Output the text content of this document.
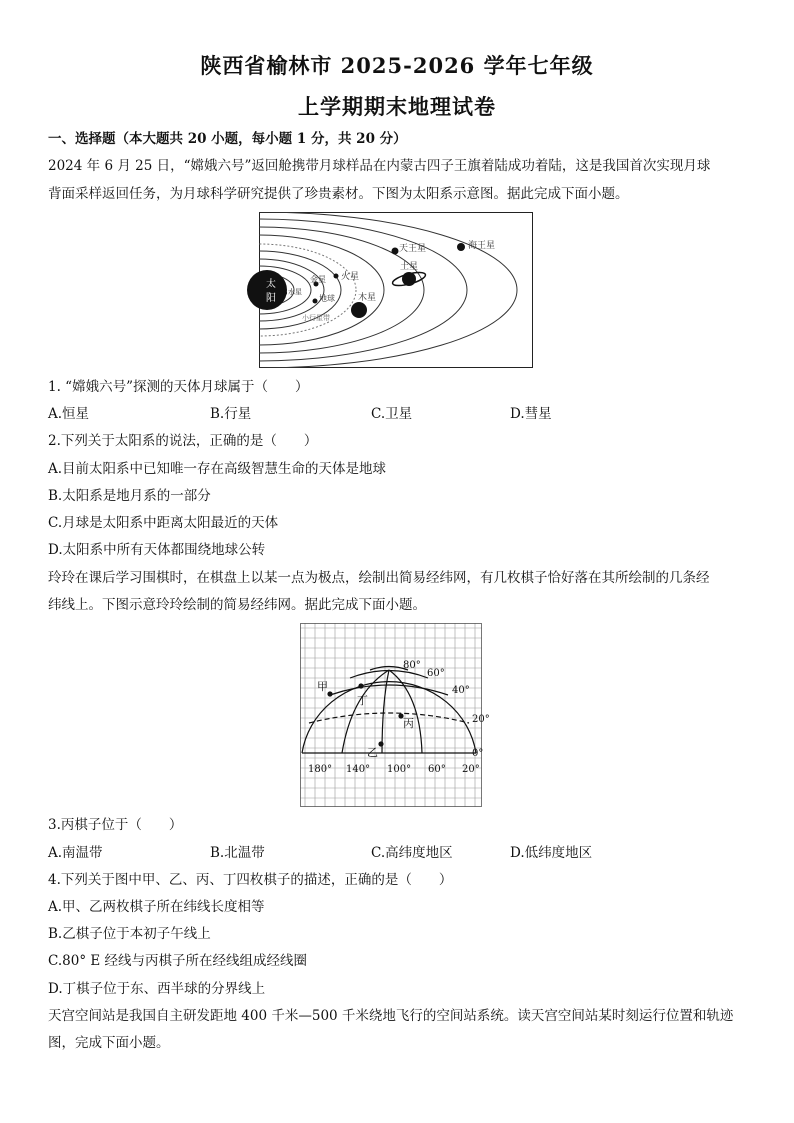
陕西省榆林市 2025-2026 学年七年级
上学期期末地理试卷
一、选择题（本大题共 20 小题，每小题 1 分，共 20 分）
2024 年 6 月 25 日，“嫦娥六号”返回舱携带月球样品在内蒙古四子王旗着陆成功着陆，这是我国首次实现月球
背面采样返回任务，为月球科学研究提供了珍贵素材。下图为太阳系示意图。据此完成下面小题。
太
阳
水星
金星
地球
火星
小行星带
木星
土星
天王星	海王星
1. “嫦娥六号”探测的天体月球属于（　　）
A.恒星	B.行星	C.卫星	D.彗星
2.下列关于太阳系的说法，正确的是（　　）
A.目前太阳系中已知唯一存在高级智慧生命的天体是地球
B.太阳系是地月系的一部分
C.月球是太阳系中距离太阳最近的天体
D.太阳系中所有天体都围绕地球公转
玲玲在课后学习围棋时，在棋盘上以某一点为极点，绘制出简易经纬网，有几枚棋子恰好落在其所绘制的几条经
纬线上。下图示意玲玲绘制的简易经纬网。据此完成下面小题。
甲
丁
丙
乙
80°
60°
40°
20°
0°
180° 140° 100° 60° 20°
3.丙棋子位于（　　）
A.南温带	B.北温带	C.高纬度地区	D.低纬度地区
4.下列关于图中甲、乙、丙、丁四枚棋子的描述，正确的是（　　）
A.甲、乙两枚棋子所在纬线长度相等
B.乙棋子位于本初子午线上
C.80° E 经线与丙棋子所在经线组成经线圈
D.丁棋子位于东、西半球的分界线上
天宫空间站是我国自主研发距地 400 千米—500 千米绕地飞行的空间站系统。读天宫空间站某时刻运行位置和轨迹
图，完成下面小题。
